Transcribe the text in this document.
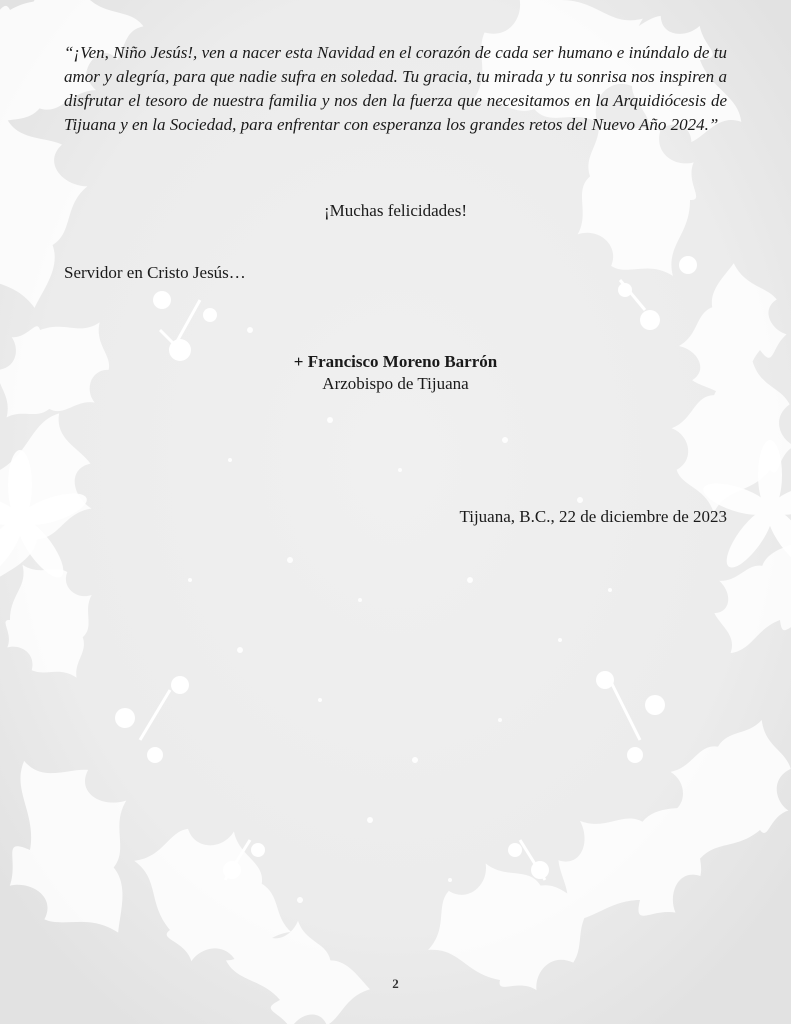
“¡Ven, Niño Jesús!, ven a nacer esta Navidad en el corazón de cada ser humano e inúndalo de tu amor y alegría, para que nadie sufra en soledad. Tu gracia, tu mirada y tu sonrisa nos inspiren a disfrutar el tesoro de nuestra familia y nos den la fuerza que necesitamos en la Arquidiócesis de Tijuana y en la Sociedad, para enfrentar con esperanza los grandes retos del Nuevo Año 2024.”

¡Muchas felicidades!
Servidor en Cristo Jesús…
+ Francisco Moreno Barrón
Arzobispo de Tijuana
Tijuana, B.C., 22 de diciembre de 2023
2
